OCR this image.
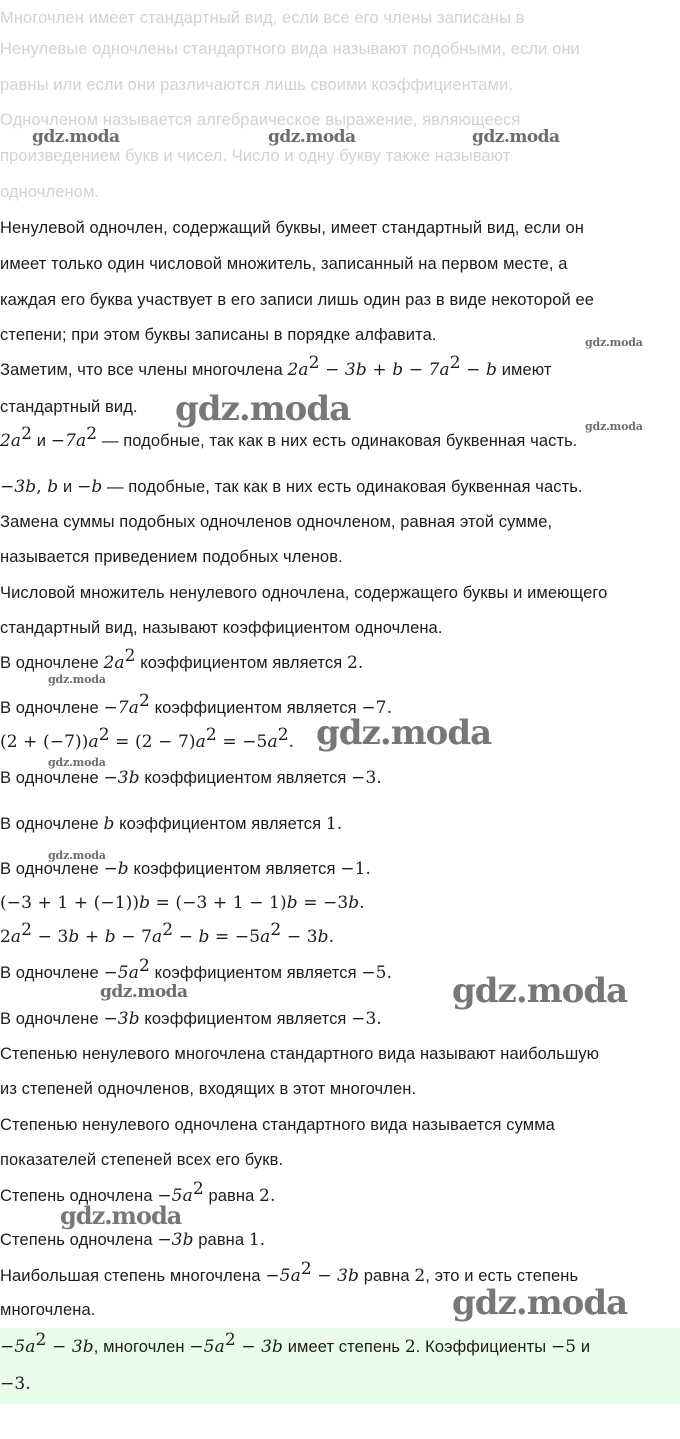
Многочлен имеет стандартный вид, если все его члены записаны в
Ненулевые одночлены стандартного вида называют подобными, если они
равны или если они различаются лишь своими коэффициентами.
Одночленом называется алгебраическое выражение, являющееся
произведением букв и чисел. Число и одну букву также называют
одночленом.
Ненулевой одночлен, содержащий буквы, имеет стандартный вид, если он
имеет только один числовой множитель, записанный на первом месте, а
каждая его буква участвует в его записи лишь один раз в виде некоторой ее
степени; при этом буквы записаны в порядке алфавита.
Заметим, что все члены многочлена $2a^2 - 3b + b - 7a^2 - b$ имеют
стандартный вид.
$2a^2$ $и -7a^2$ — подобные, так как в них есть одинаковая буквенная часть.
−3b, b и −b — подобные, так как в них есть одинаковая буквенная часть.
Замена суммы подобных одночленов одночленом, равная этой сумме,
называется приведением подобных членов.
Числовой множитель ненулевого одночлена, содержащего буквы и имеющего
стандартный вид, называют коэффициентом одночлена.
В одночлене $2a^2$ коэффициентом является 2.
В одночлене $-7a^2$ коэффициентом является −7.
$(2 + (-7))a^2 = (2 - 7)a^2 = -5a^2$.
В одночлене −3b коэффициентом является −3.
В одночлене b коэффициентом является 1.
В одночлене −b коэффициентом является −1.
(−3 + 1 + (−1))b = (−3 + 1 − 1)b = −3b.
$2a^2 - 3b + b - 7a^2 - b = -5a^2 - 3b$.
В одночлене $-5a^2$ коэффициентом является −5.
В одночлене −3b коэффициентом является −3.
Степенью ненулевого многочлена стандартного вида называют наибольшую
из степеней одночленов, входящих в этот многочлен.
Степенью ненулевого одночлена стандартного вида называется сумма
показателей степеней всех его букв.
Степень одночлена $-5a^2$ равна 2.
Степень одночлена −3b равна 1.
Наибольшая степень многочлена $-5a^2 - 3b$ равна 2, это и есть степень
многочлена.
$-5a^2 - 3b$, многочлен $-5a^2 - 3b$ имеет степень 2. Коэффициенты −5 и
−3.
gdz.moda	gdz.moda	gdz.moda
gdz.moda
gdz.moda	gdz.moda
gdz.moda
gdz.moda
gdz.moda
gdz.moda
gdz.moda	gdz.moda
gdz.moda
gdz.moda
